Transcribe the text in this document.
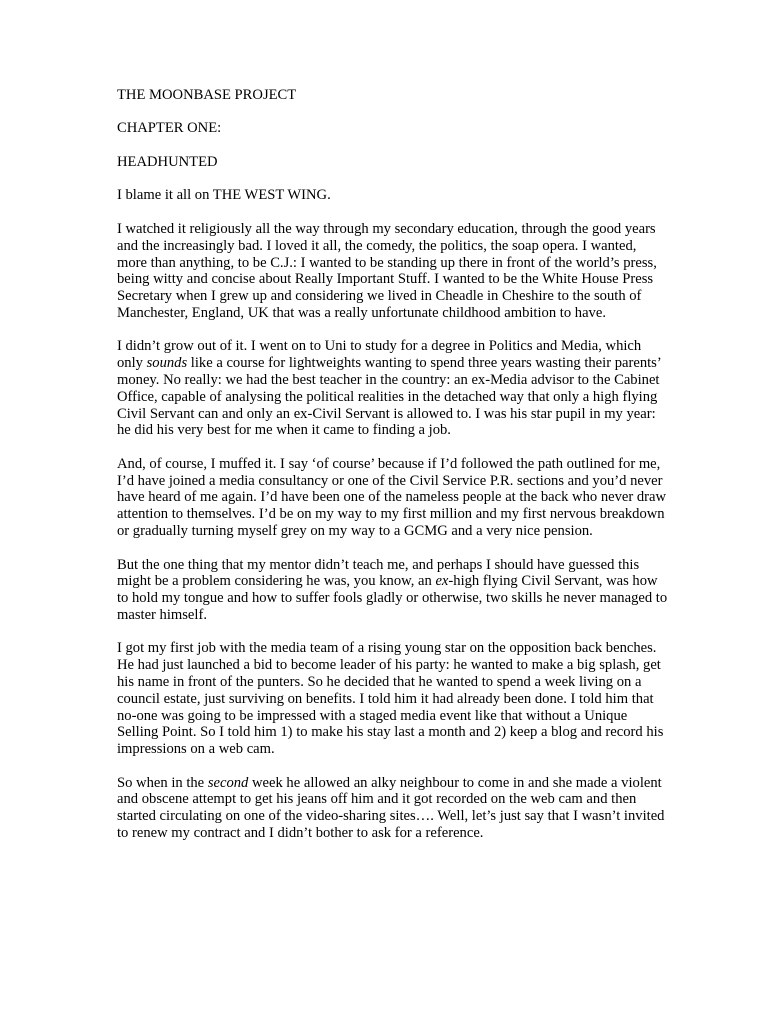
THE MOONBASE PROJECT

CHAPTER ONE:

HEADHUNTED

I blame it all on THE WEST WING.

I watched it religiously all the way through my secondary education, through the good years and the increasingly bad. I loved it all, the comedy, the politics, the soap opera. I wanted, more than anything, to be C.J.: I wanted to be standing up there in front of the world’s press, being witty and concise about Really Important Stuff. I wanted to be the White House Press Secretary when I grew up and considering we lived in Cheadle in Cheshire to the south of Manchester, England, UK that was a really unfortunate childhood ambition to have.

I didn’t grow out of it. I went on to Uni to study for a degree in Politics and Media, which only sounds like a course for lightweights wanting to spend three years wasting their parents’ money. No really: we had the best teacher in the country: an ex-Media advisor to the Cabinet Office, capable of analysing the political realities in the detached way that only a high flying Civil Servant can and only an ex-Civil Servant is allowed to. I was his star pupil in my year: he did his very best for me when it came to finding a job.

And, of course, I muffed it. I say ‘of course’ because if I’d followed the path outlined for me, I’d have joined a media consultancy or one of the Civil Service P.R. sections and you’d never have heard of me again. I’d have been one of the nameless people at the back who never draw attention to themselves. I’d be on my way to my first million and my first nervous breakdown or gradually turning myself grey on my way to a GCMG and a very nice pension.

But the one thing that my mentor didn’t teach me, and perhaps I should have guessed this might be a problem considering he was, you know, an ex-high flying Civil Servant, was how to hold my tongue and how to suffer fools gladly or otherwise, two skills he never managed to master himself.

I got my first job with the media team of a rising young star on the opposition back benches. He had just launched a bid to become leader of his party: he wanted to make a big splash, get his name in front of the punters. So he decided that he wanted to spend a week living on a council estate, just surviving on benefits. I told him it had already been done. I told him that no-one was going to be impressed with a staged media event like that without a Unique Selling Point. So I told him 1) to make his stay last a month and 2) keep a blog and record his impressions on a web cam.

So when in the second week he allowed an alky neighbour to come in and she made a violent and obscene attempt to get his jeans off him and it got recorded on the web cam and then started circulating on one of the video-sharing sites…. Well, let’s just say that I wasn’t invited to renew my contract and I didn’t bother to ask for a reference.
